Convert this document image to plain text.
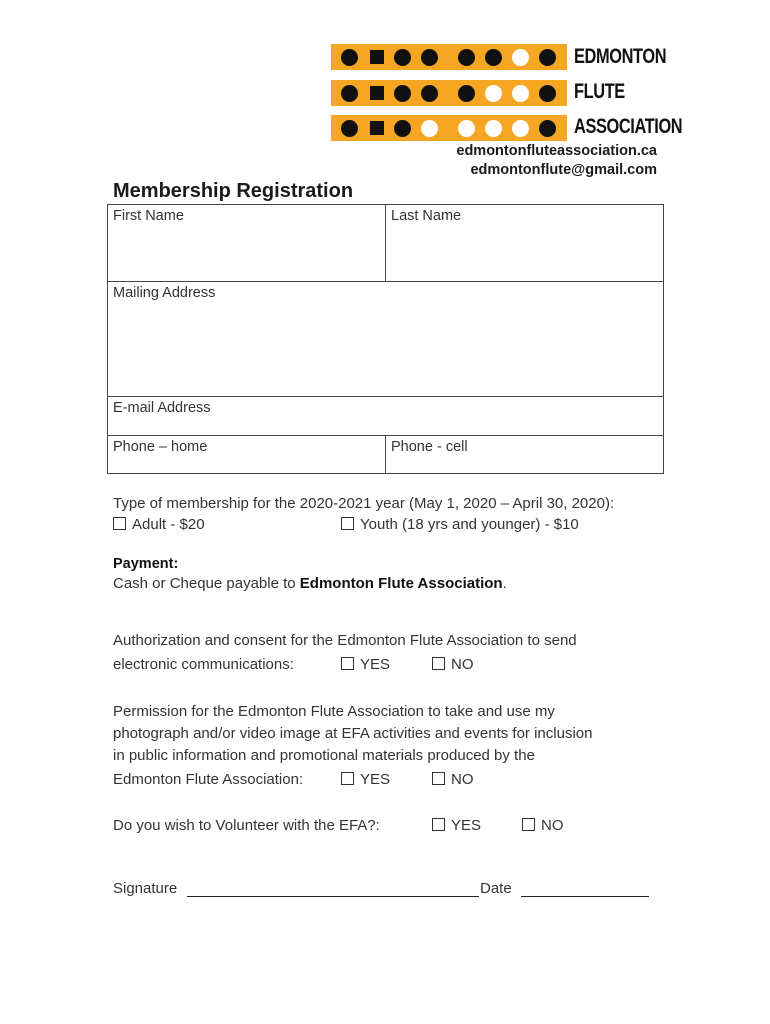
EDMONTON
FLUTE
ASSOCIATION
edmontonfluteassociation.ca
edmontonflute@gmail.com
Membership Registration
First Name	Last Name
Mailing Address
E-mail Address
Phone – home	Phone - cell
Type of membership for the 2020-2021 year (May 1, 2020 – April 30, 2020):
Adult - $20	Youth (18 yrs and younger) - $10
Payment:
Cash or Cheque payable to Edmonton Flute Association.
Authorization and consent for the Edmonton Flute Association to send
electronic communications:	YES	NO
Permission for the Edmonton Flute Association to take and use my
photograph and/or video image at EFA activities and events for inclusion
in public information and promotional materials produced by the
Edmonton Flute Association:	YES	NO
Do you wish to Volunteer with the EFA?:	YES	NO
Signature	Date
